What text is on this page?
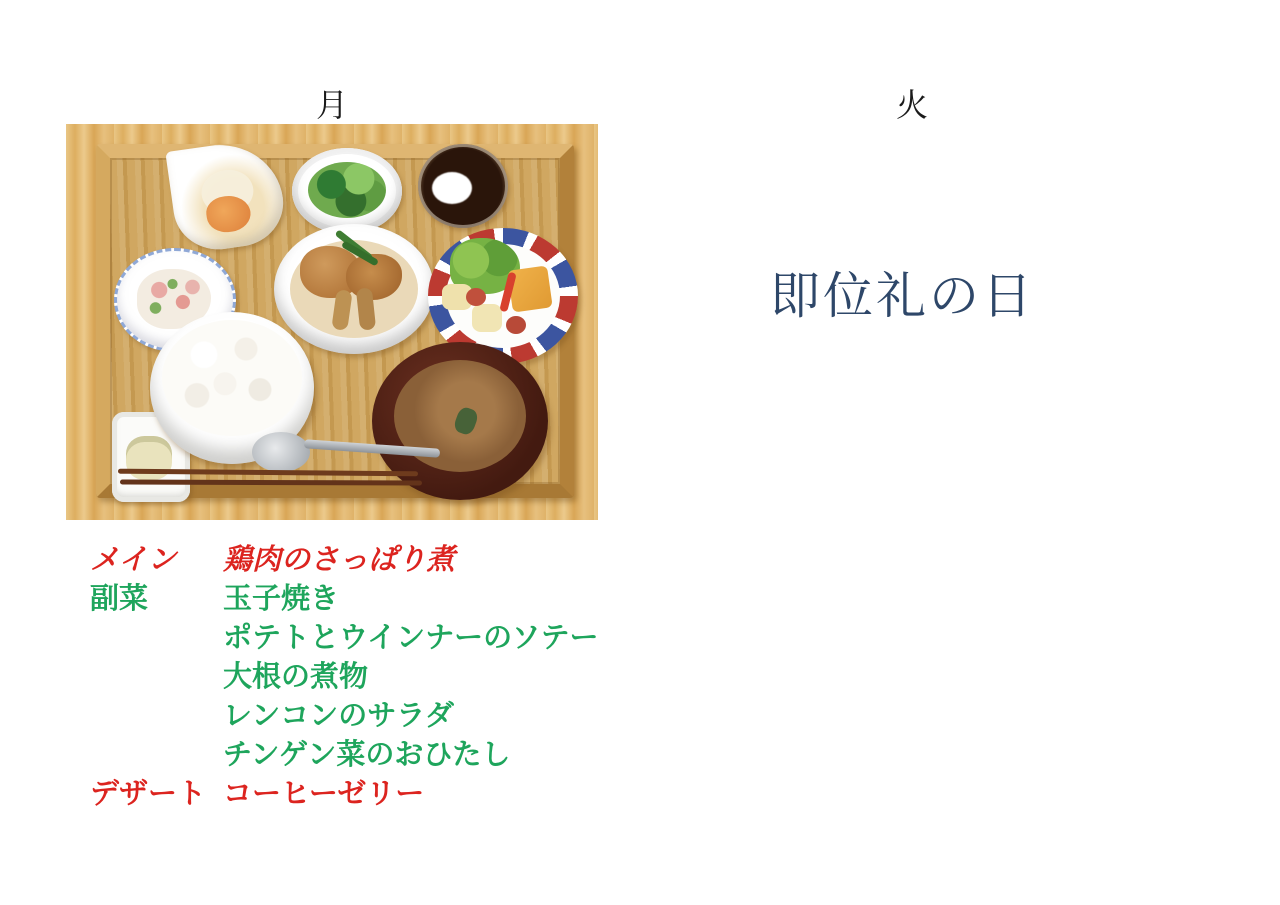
月	火
メイン	鶏肉のさっぱり煮
副菜	玉子焼き
ポテトとウインナーのソテー
大根の煮物
レンコンのサラダ
チンゲン菜のおひたし
デザート コーヒーゼリー
即位礼の日
